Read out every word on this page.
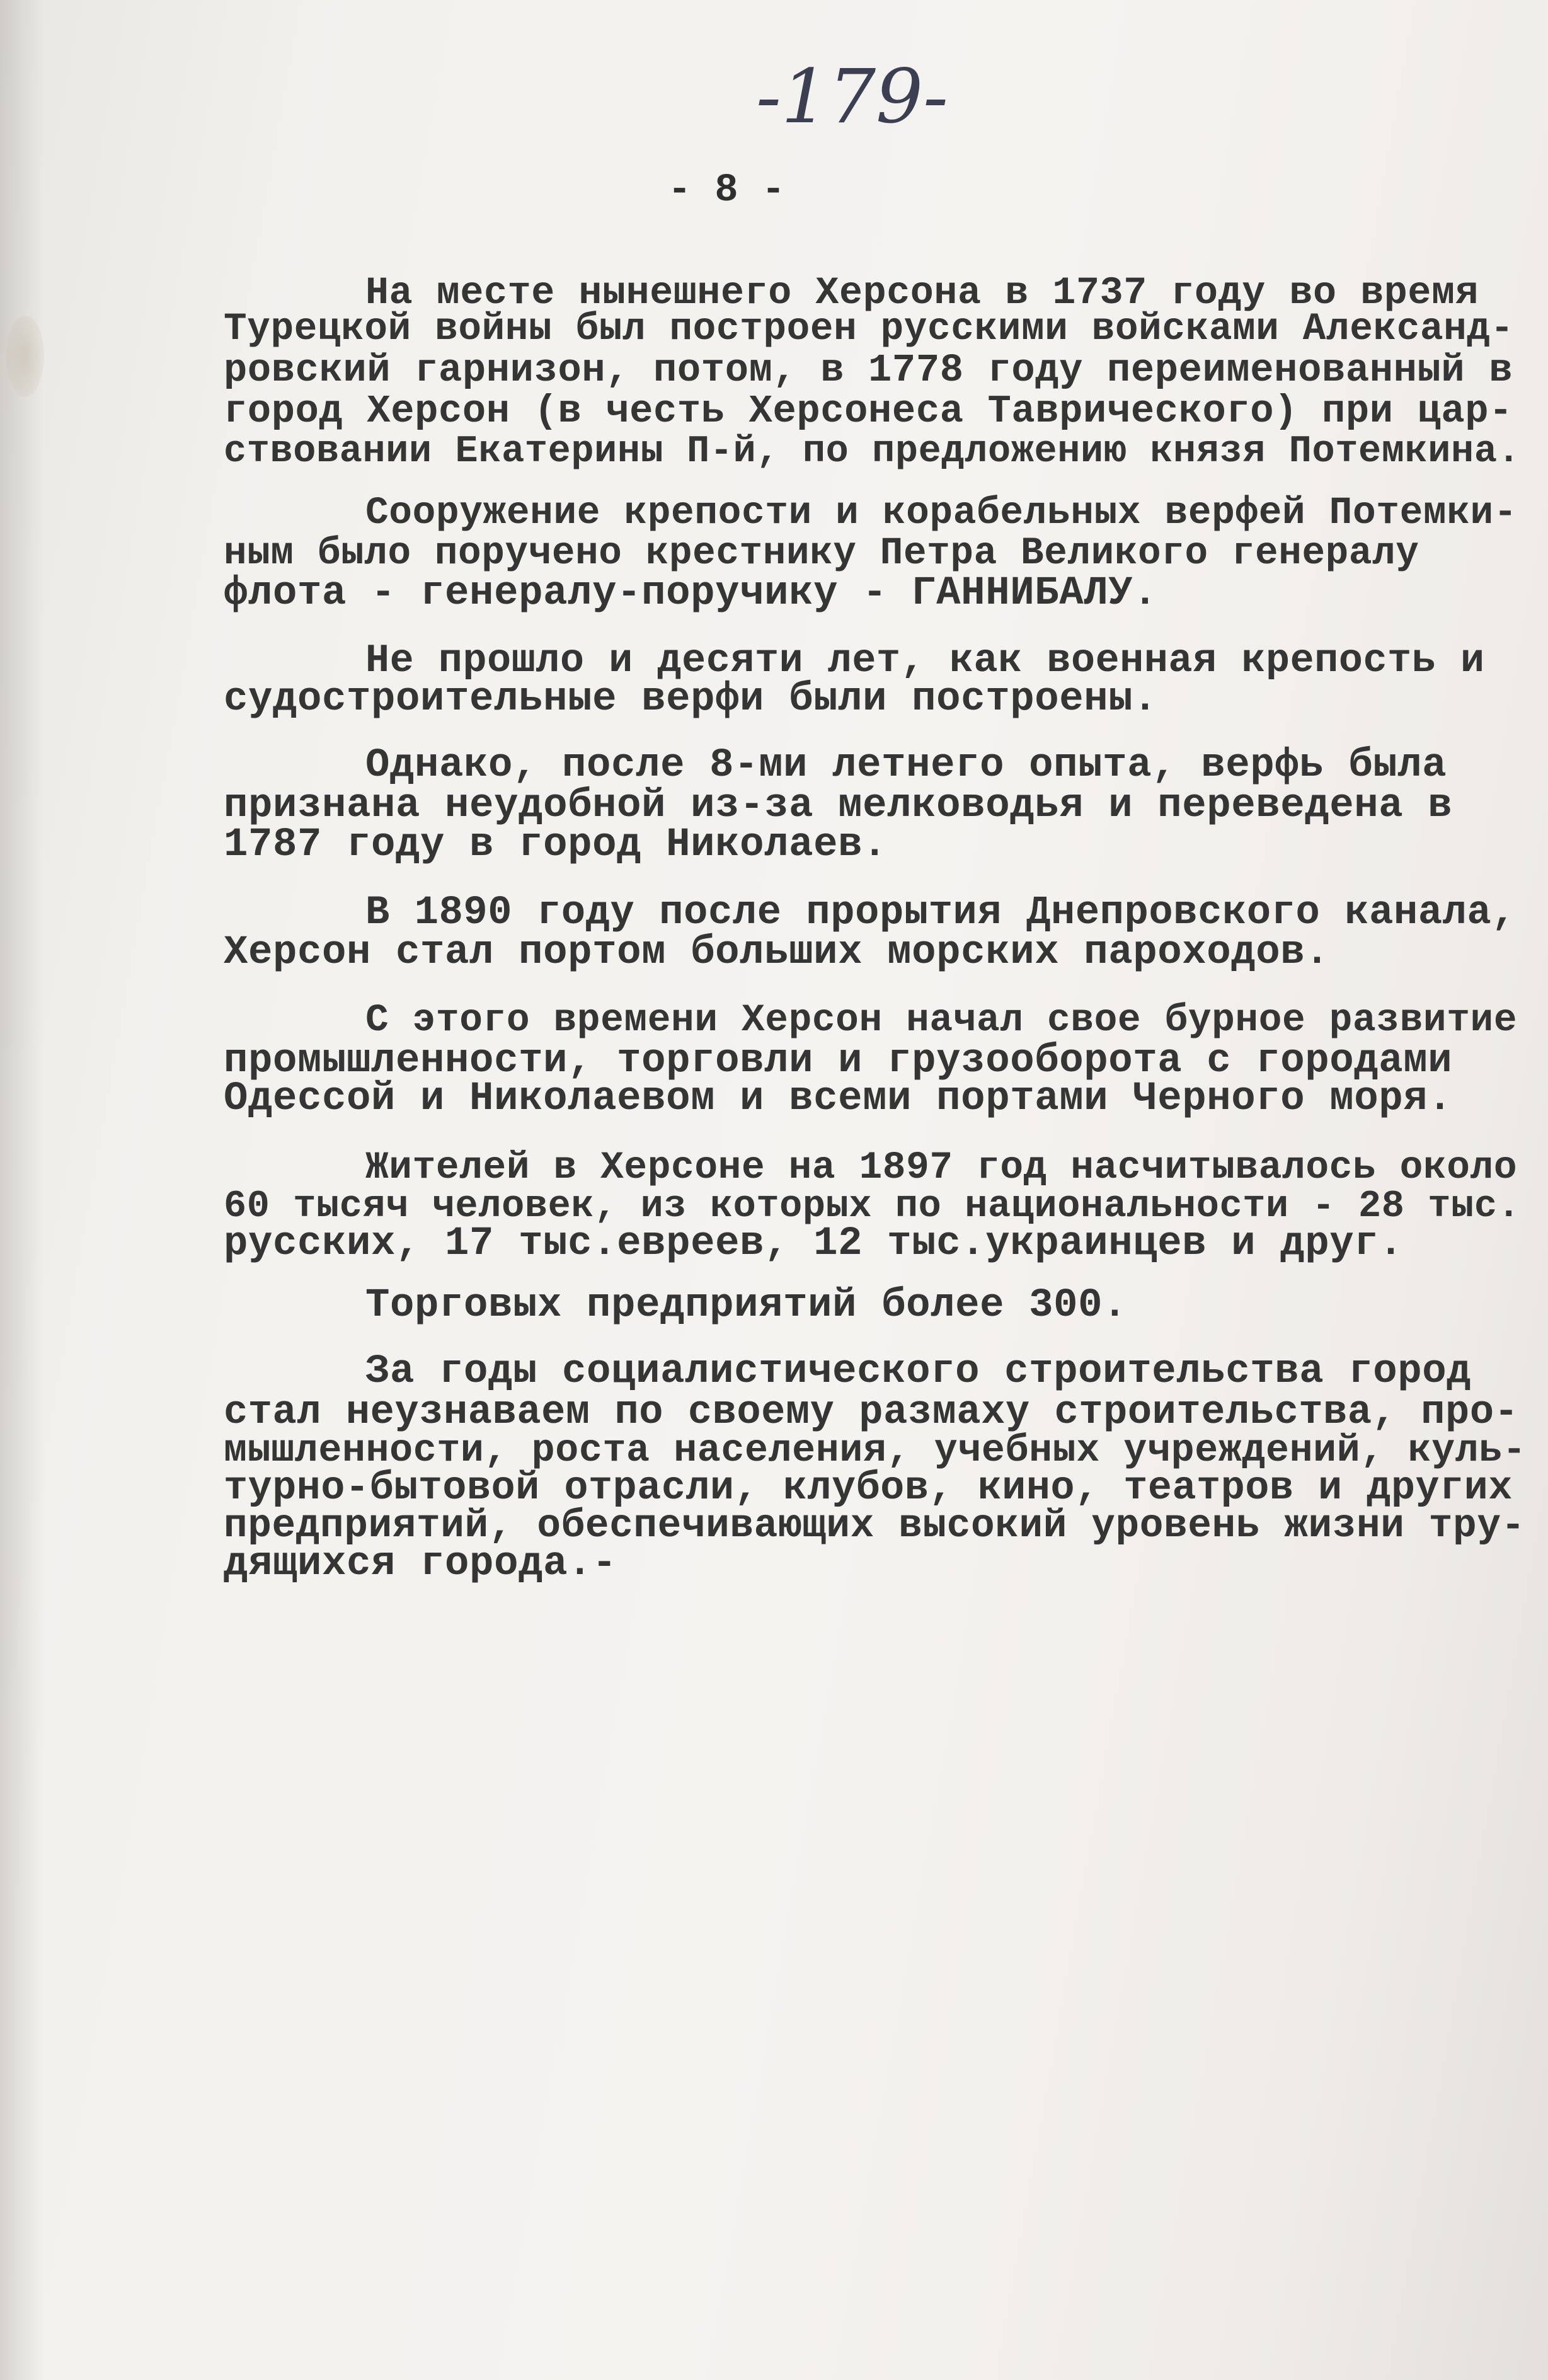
-179-
- 8 -
На месте нынешнего Херсона в 1737 году во время
Турецкой войны был построен русскими войсками Александ-
ровский гарнизон, потом, в 1778 году переименованный в
город Херсон (в честь Херсонеса Таврического) при цар-
ствовании Екатерины П-й, по предложению князя Потемкина.
Сооружение крепости и корабельных верфей Потемки-
ным было поручено крестнику Петра Великого генералу
флота - генералу-поручику - ГАННИБАЛУ.
Не прошло и десяти лет, как военная крепость и
судостроительные верфи были построены.
Однако, после 8-ми летнего опыта, верфь была
признана неудобной из-за мелководья и переведена в
1787 году в город Николаев.
В 1890 году после прорытия Днепровского канала,
Херсон стал портом больших морских пароходов.
С этого времени Херсон начал свое бурное развитие
промышленности, торговли и грузооборота с городами
Одессой и Николаевом и всеми портами Черного моря.
Жителей в Херсоне на 1897 год насчитывалось около
60 тысяч человек, из которых по национальности - 28 тыс.
русских, 17 тыс.евреев, 12 тыс.украинцев и друг.
Торговых предприятий более 300.
За годы социалистического строительства город
стал неузнаваем по своему размаху строительства, про-
мышленности, роста населения, учебных учреждений, куль-
турно-бытовой отрасли, клубов, кино, театров и других
предприятий, обеспечивающих высокий уровень жизни тру-
дящихся города.-
